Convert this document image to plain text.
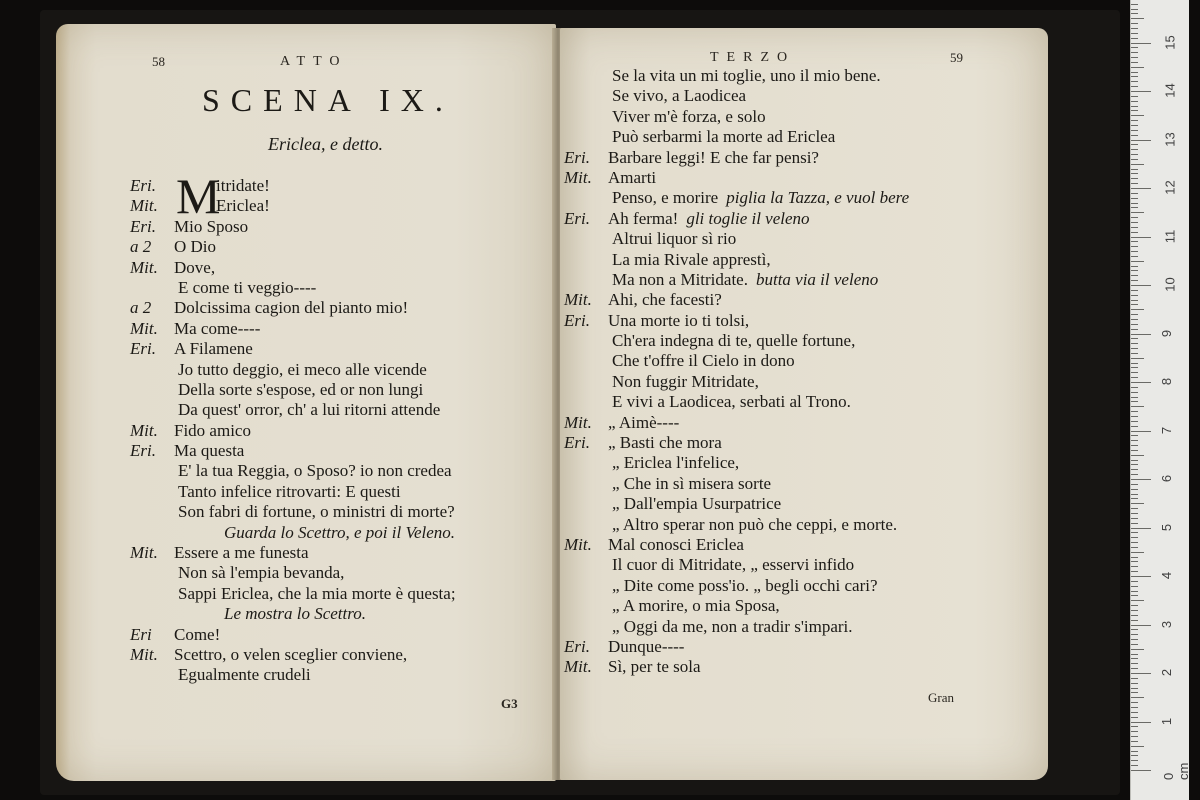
58	ATTO
SCENA IX.
Ericlea, e detto.
M
Eri.	itridate!
Mit.	Ericlea!
Eri. Mio Sposo
a 2 O Dio
Mit. Dove,
E come ti veggio----
a 2 Dolcissima cagion del pianto mio!
Mit. Ma come----
Eri. A Filamene
Jo tutto deggio, ei meco alle vicende
Della sorte s'espose, ed or non lungi
Da quest' orror, ch' a lui ritorni attende
Mit. Fido amico
Eri. Ma questa
E' la tua Reggia, o Sposo? io non credea
Tanto infelice ritrovarti: E questi
Son fabri di fortune, o ministri di morte?
Guarda lo Scettro, e poi il Veleno.
Mit. Essere a me funesta
Non sà l'empia bevanda,
Sappi Ericlea, che la mia morte è questa;
Le mostra lo Scettro.
Eri Come!
Mit. Scettro, o velen sceglier conviene,
Egualmente crudeli
G3
TERZO	59
Se la vita un mi toglie, uno il mio bene.
Se vivo, a Laodicea
Viver m'è forza, e solo
Può serbarmi la morte ad Ericlea
Eri. Barbare leggi! E che far pensi?
Mit. Amarti
Penso, e morire piglia la Tazza, e vuol bere
Eri. Ah ferma! gli toglie il veleno
Altrui liquor sì rio
La mia Rivale apprestì,
Ma non a Mitridate. butta via il veleno
Mit. Ahi, che facesti?
Eri. Una morte io ti tolsi,
Ch'era indegna di te, quelle fortune,
Che t'offre il Cielo in dono
Non fuggir Mitridate,
E vivi a Laodicea, serbati al Trono.
Mit. „ Aimè----
Eri. „ Basti che mora
„ Ericlea l'infelice,
„ Che in sì misera sorte
„ Dall'empia Usurpatrice
„ Altro sperar non può che ceppi, e morte.
Mit. Mal conosci Ericlea
Il cuor di Mitridate, „ esservi infido
„ Dite come poss'io. „ begli occhi cari?
„ A morire, o mia Sposa,
„ Oggi da me, non a tradir s'impari.
Eri. Dunque----
Mit. Sì, per te sola
Gran
0 cm
1
2
3
4
5
6
7
8
9
10
11
12
13
14
15
